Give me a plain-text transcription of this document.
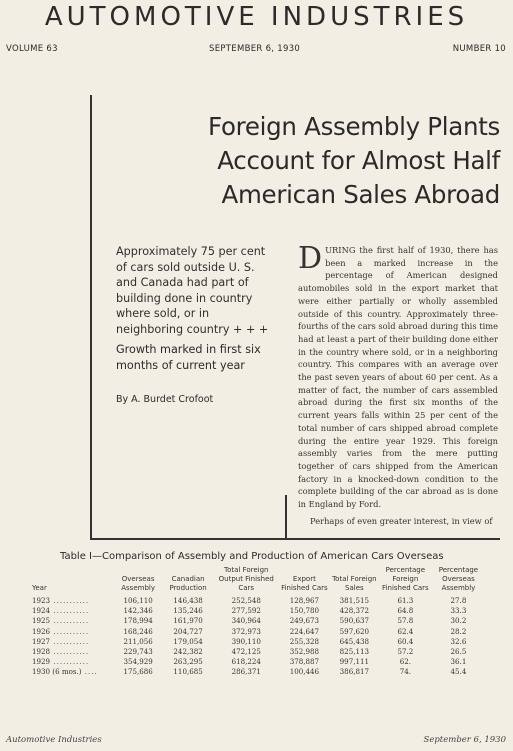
AUTOMOTIVE INDUSTRIES
VOLUME 63	SEPTEMBER 6, 1930	NUMBER 10
Foreign Assembly Plants
Account for Almost Half
American Sales Abroad
Approximately 75 per cent of cars sold outside U. S. and Canada had part of building done in country where sold, or in neighboring country + + +
Growth marked in first six months of current year
By A. Burdet Crofoot

DURING the first half of 1930, there has been a marked increase in the percentage of American designed automobiles sold in the export market that were either partially or wholly assembled outside of this country. Approximately three-fourths of the cars sold abroad during this time had at least a part of their building done either in the country where sold, or in a neighboring country. This compares with an average over the past seven years of about 60 per cent. As a matter of fact, the number of cars assembled abroad during the first six months of the current years falls within 25 per cent of the total number of cars shipped abroad complete during the entire year 1929. This foreign assembly varies from the mere putting together of cars shipped from the American factory in a knocked-down condition to the complete building of the car abroad as is done in England by Ford.

Perhaps of even greater interest, in view of

Table I—Comparison of Assembly and Production of American Cars Overseas
Year	Overseas Assembly	Canadian Production	Total Foreign Output Finished Cars	Export Finished Cars	Total Foreign Sales	Percentage Foreign Finished Cars	Percentage Overseas Assembly
1923 ...........	106,110	146,438	252,548	128,967	381,515	61.3	27.8
1924 ...........	142,346	135,246	277,592	150,780	428,372	64.8	33.3
1925 ...........	178,994	161,970	340,964	249,673	590,637	57.8	30.2
1926 ...........	168,246	204,727	372,973	224,647	597,620	62.4	28.2
1927 ...........	211,056	179,054	390,110	255,328	645,438	60.4	32.6
1928 ...........	229,743	242,382	472,125	352,988	825,113	57.2	26.5
1929 ...........	354,929	263,295	618,224	378,887	997,111	62.	36.1
1930 (6 mos.) ....	175,686	110,685	286,371	100,446	386,817	74.	45.4
Automotive Industries	September 6, 1930
